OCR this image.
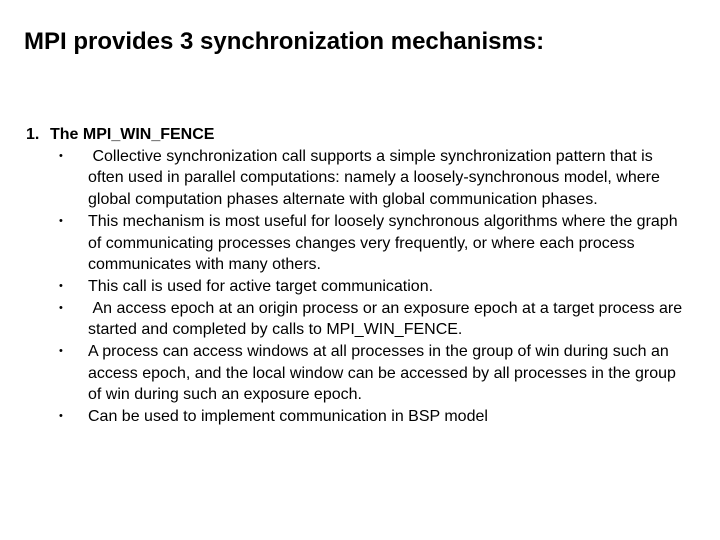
MPI provides 3 synchronization mechanisms:

1. The MPI_WIN_FENCE

• Collective synchronization call supports a simple synchronization pattern that is often used in parallel computations: namely a loosely-synchronous model, where global computation phases alternate with global communication phases.
• This mechanism is most useful for loosely synchronous algorithms where the graph of communicating processes changes very frequently, or where each process communicates with many others.
• This call is used for active target communication.
• An access epoch at an origin process or an exposure epoch at a target process are started and completed by calls to MPI_WIN_FENCE.
• A process can access windows at all processes in the group of win during such an access epoch, and the local window can be accessed by all processes in the group of win during such an exposure epoch.
• Can be used to implement communication in BSP model
